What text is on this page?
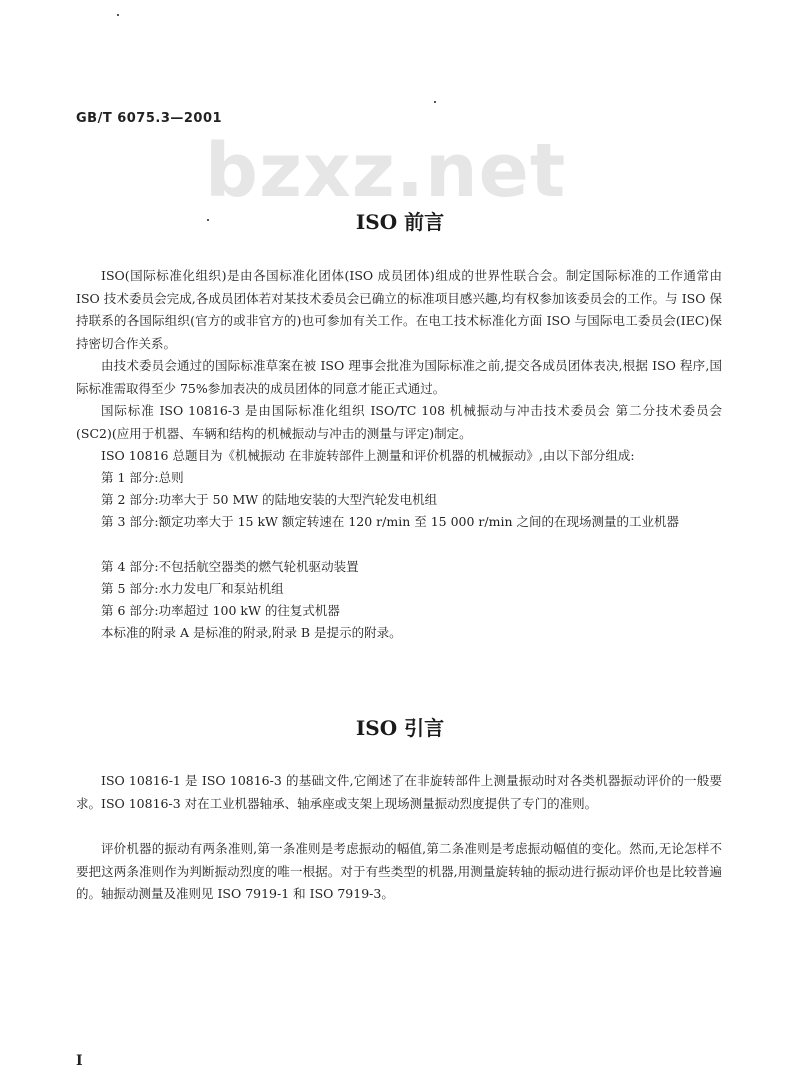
GB/T 6075.3—2001
bzxz.net
ISO 前言

ISO(国际标准化组织)是由各国标准化团体(ISO 成员团体)组成的世界性联合会。制定国际标准的工作通常由 ISO 技术委员会完成,各成员团体若对某技术委员会已确立的标准项目感兴趣,均有权参加该委员会的工作。与 ISO 保持联系的各国际组织(官方的或非官方的)也可参加有关工作。在电工技术标准化方面 ISO 与国际电工委员会(IEC)保持密切合作关系。

由技术委员会通过的国际标准草案在被 ISO 理事会批准为国际标准之前,提交各成员团体表决,根据 ISO 程序,国际标准需取得至少 75%参加表决的成员团体的同意才能正式通过。

国际标准 ISO 10816-3 是由国际标准化组织 ISO/TC 108 机械振动与冲击技术委员会 第二分技术委员会(SC2)(应用于机器、车辆和结构的机械振动与冲击的测量与评定)制定。

ISO 10816 总题目为《机械振动 在非旋转部件上测量和评价机器的机械振动》,由以下部分组成:

第 1 部分:总则

第 2 部分:功率大于 50 MW 的陆地安装的大型汽轮发电机组

第 3 部分:额定功率大于 15 kW 额定转速在 120 r/min 至 15 000 r/min 之间的在现场测量的工业机器

第 4 部分:不包括航空器类的燃气轮机驱动装置

第 5 部分:水力发电厂和泵站机组

第 6 部分:功率超过 100 kW 的往复式机器

本标准的附录 A 是标准的附录,附录 B 是提示的附录。

ISO 引言

ISO 10816-1 是 ISO 10816-3 的基础文件,它阐述了在非旋转部件上测量振动时对各类机器振动评价的一般要求。ISO 10816-3 对在工业机器轴承、轴承座或支架上现场测量振动烈度提供了专门的准则。

评价机器的振动有两条准则,第一条准则是考虑振动的幅值,第二条准则是考虑振动幅值的变化。然而,无论怎样不要把这两条准则作为判断振动烈度的唯一根据。对于有些类型的机器,用测量旋转轴的振动进行振动评价也是比较普遍的。轴振动测量及准则见 ISO 7919-1 和 ISO 7919-3。

I
